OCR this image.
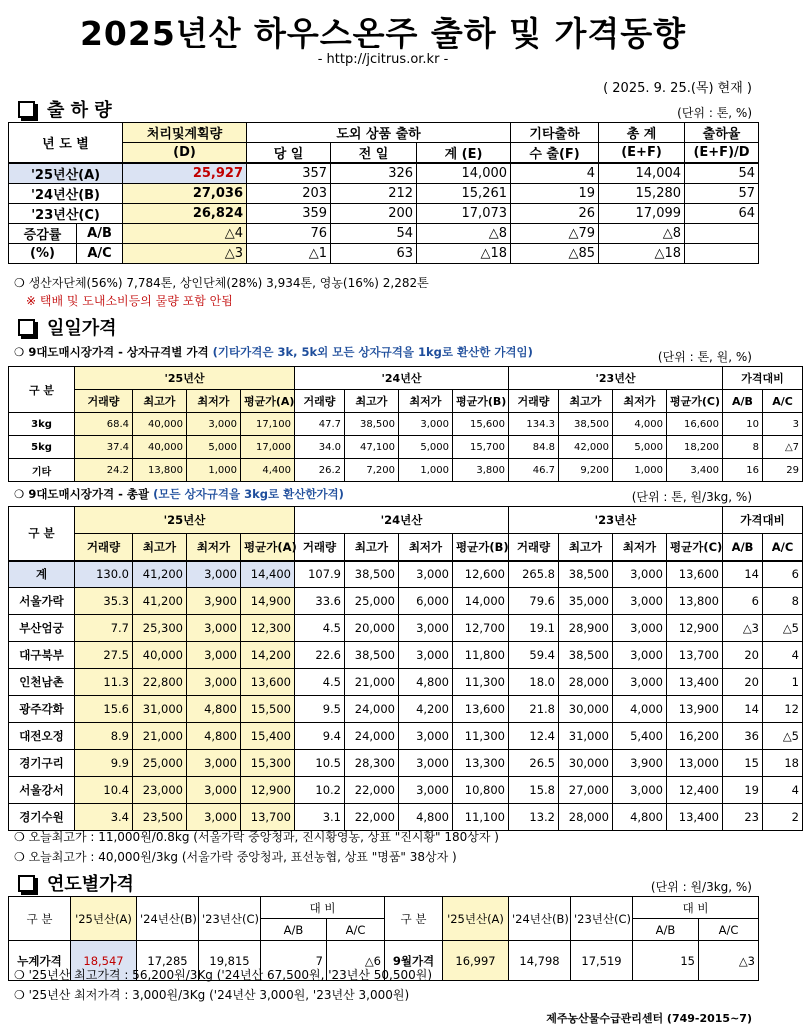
2025년산 하우스온주 출하 및 가격동향
- http://jcitrus.or.kr -
( 2025. 9. 25.(목) 현재 )
출 하 량	(단위 : 톤, %)
년 도 별		처리및계획량	도외 상품 출하			기타출하	총 계	출하율
		(D)	당 일	전 일	계 (E)	수 출(F)	(E+F)	(E+F)/D
'25년산(A)		25,927	357	326	14,000	4	14,004	54
'24년산(B)		27,036	203	212	15,261	19	15,280	57
'23년산(C)		26,824	359	200	17,073	26	17,099	64
증감률	A/B	△4	76	54	△8	△79	△8	
(%)	A/C	△3	△1	63	△18	△85	△18	
❍ 생산자단체(56%) 7,784톤, 상인단체(28%) 3,934톤, 영농(16%) 2,282톤
※ 택배 및 도내소비등의 물량 포함 안됨
일일가격
❍ 9대도매시장가격 - 상자규격별 가격 (기타가격은 3k, 5k외 모든 상자규격을 1kg로 환산한 가격임)	(단위 : 톤, 원, %)
구 분	'25년산				'24년산				'23년산				가격대비	
	거래량	최고가	최저가	평균가(A)	거래량	최고가	최저가	평균가(B)	거래량	최고가	최저가	평균가(C)	A/B	A/C
3kg	68.4	40,000	3,000	17,100	47.7	38,500	3,000	15,600	134.3	38,500	4,000	16,600	10	3
5kg	37.4	40,000	5,000	17,000	34.0	47,100	5,000	15,700	84.8	42,000	5,000	18,200	8	△7
기타	24.2	13,800	1,000	4,400	26.2	7,200	1,000	3,800	46.7	9,200	1,000	3,400	16	29
❍ 9대도매시장가격 - 총괄 (모든 상자규격을 3kg로 환산한가격)	(단위 : 톤, 원/3kg, %)
구 분	'25년산				'24년산				'23년산				가격대비	
	거래량	최고가	최저가	평균가(A)	거래량	최고가	최저가	평균가(B)	거래량	최고가	최저가	평균가(C)	A/B	A/C
계	130.0	41,200	3,000	14,400	107.9	38,500	3,000	12,600	265.8	38,500	3,000	13,600	14	6
서울가락	35.3	41,200	3,900	14,900	33.6	25,000	6,000	14,000	79.6	35,000	3,000	13,800	6	8
부산엄궁	7.7	25,300	3,000	12,300	4.5	20,000	3,000	12,700	19.1	28,900	3,000	12,900	△3	△5
대구북부	27.5	40,000	3,000	14,200	22.6	38,500	3,000	11,800	59.4	38,500	3,000	13,700	20	4
인천남촌	11.3	22,800	3,000	13,600	4.5	21,000	4,800	11,300	18.0	28,000	3,000	13,400	20	1
광주각화	15.6	31,000	4,800	15,500	9.5	24,000	4,200	13,600	21.8	30,000	4,000	13,900	14	12
대전오정	8.9	21,000	4,800	15,400	9.4	24,000	3,000	11,300	12.4	31,000	5,400	16,200	36	△5
경기구리	9.9	25,000	3,000	15,300	10.5	28,300	3,000	13,300	26.5	30,000	3,900	13,000	15	18
서울강서	10.4	23,000	3,000	12,900	10.2	22,000	3,000	10,800	15.8	27,000	3,000	12,400	19	4
경기수원	3.4	23,500	3,000	13,700	3.1	22,000	4,800	11,100	13.2	28,000	4,800	13,400	23	2
❍ 오늘최고가 : 11,000원/0.8kg (서울가락 중앙청과, 진시황영농, 상표 "진시황" 180상자 )
❍ 오늘최고가 : 40,000원/3kg (서울가락 중앙청과, 표선농협, 상표 "명품" 38상자 )
연도별가격	(단위 : 원/3kg, %)
구 분	'25년산(A)	'24년산(B)	'23년산(C)	대 비		구 분	'25년산(A)	'24년산(B)	'23년산(C)	대 비	
				A/B	A/C					A/B	A/C
누계가격	18,547	17,285	19,815	7	△6	9월가격	16,997	14,798	17,519	15	△3
❍ '25년산 최고가격 : 56,200원/3Kg ('24년산 67,500원, '23년산 50,500원)
❍ '25년산 최저가격 : 3,000원/3Kg ('24년산 3,000원, '23년산 3,000원)
제주농산물수급관리센터 (749-2015~7)
